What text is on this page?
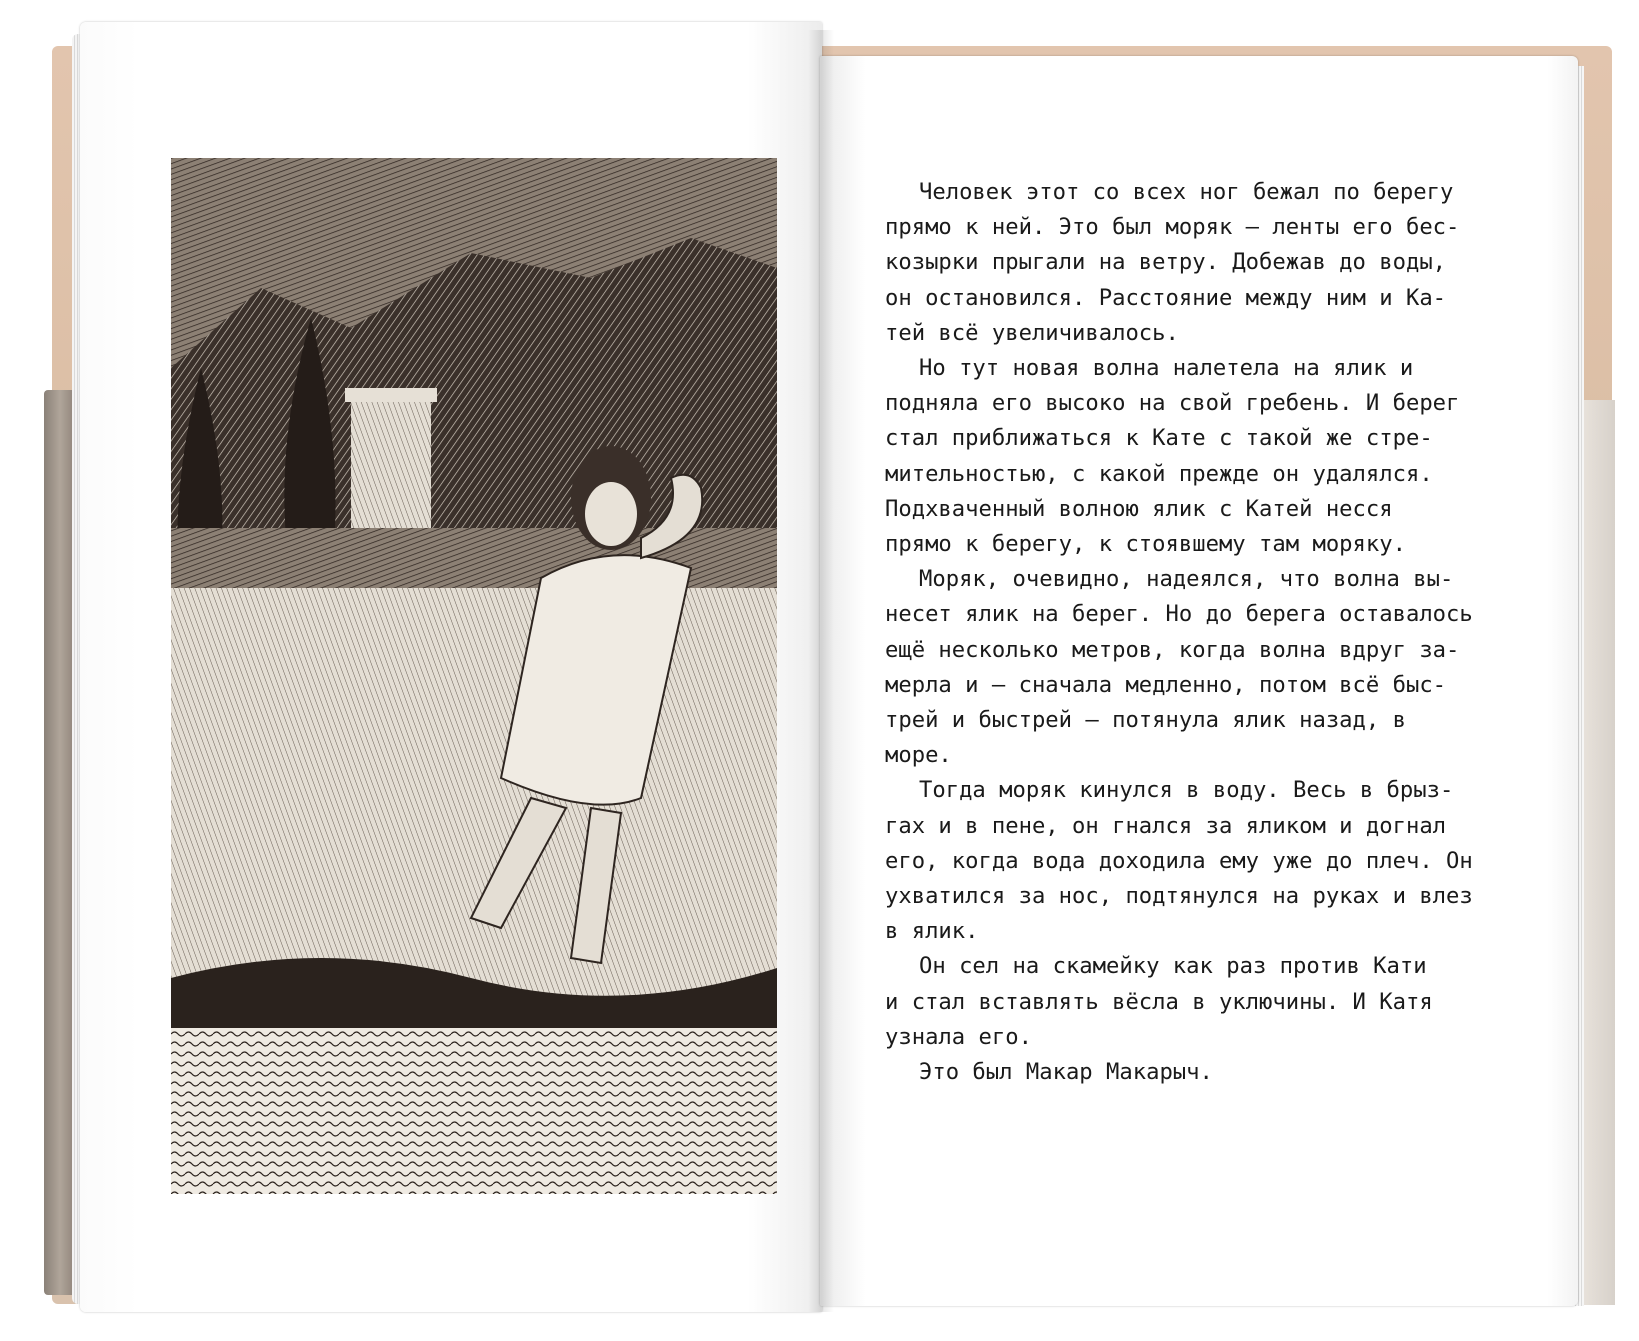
Человек этот со всех ног бежал по берегу
прямо к ней. Это был моряк — ленты его бес-
козырки прыгали на ветру. Добежав до воды,
он остановился. Расстояние между ним и Ка-
тей всё увеличивалось.

Но тут новая волна налетела на ялик и
подняла его высоко на свой гребень. И берег
стал приближаться к Кате с такой же стре-
мительностью, с какой прежде он удалялся.
Подхваченный волною ялик с Катей несся
прямо к берегу, к стоявшему там моряку.

Моряк, очевидно, надеялся, что волна вы-
несет ялик на берег. Но до берега оставалось
ещё несколько метров, когда волна вдруг за-
мерла и — сначала медленно, потом всё быс-
трей и быстрей — потянула ялик назад, в
море.

Тогда моряк кинулся в воду. Весь в брыз-
гах и в пене, он гнался за яликом и догнал
его, когда вода доходила ему уже до плеч. Он
ухватился за нос, подтянулся на руках и влез
в ялик.

Он сел на скамейку как раз против Кати
и стал вставлять вёсла в уключины. И Катя
узнала его.

Это был Макар Макарыч.
